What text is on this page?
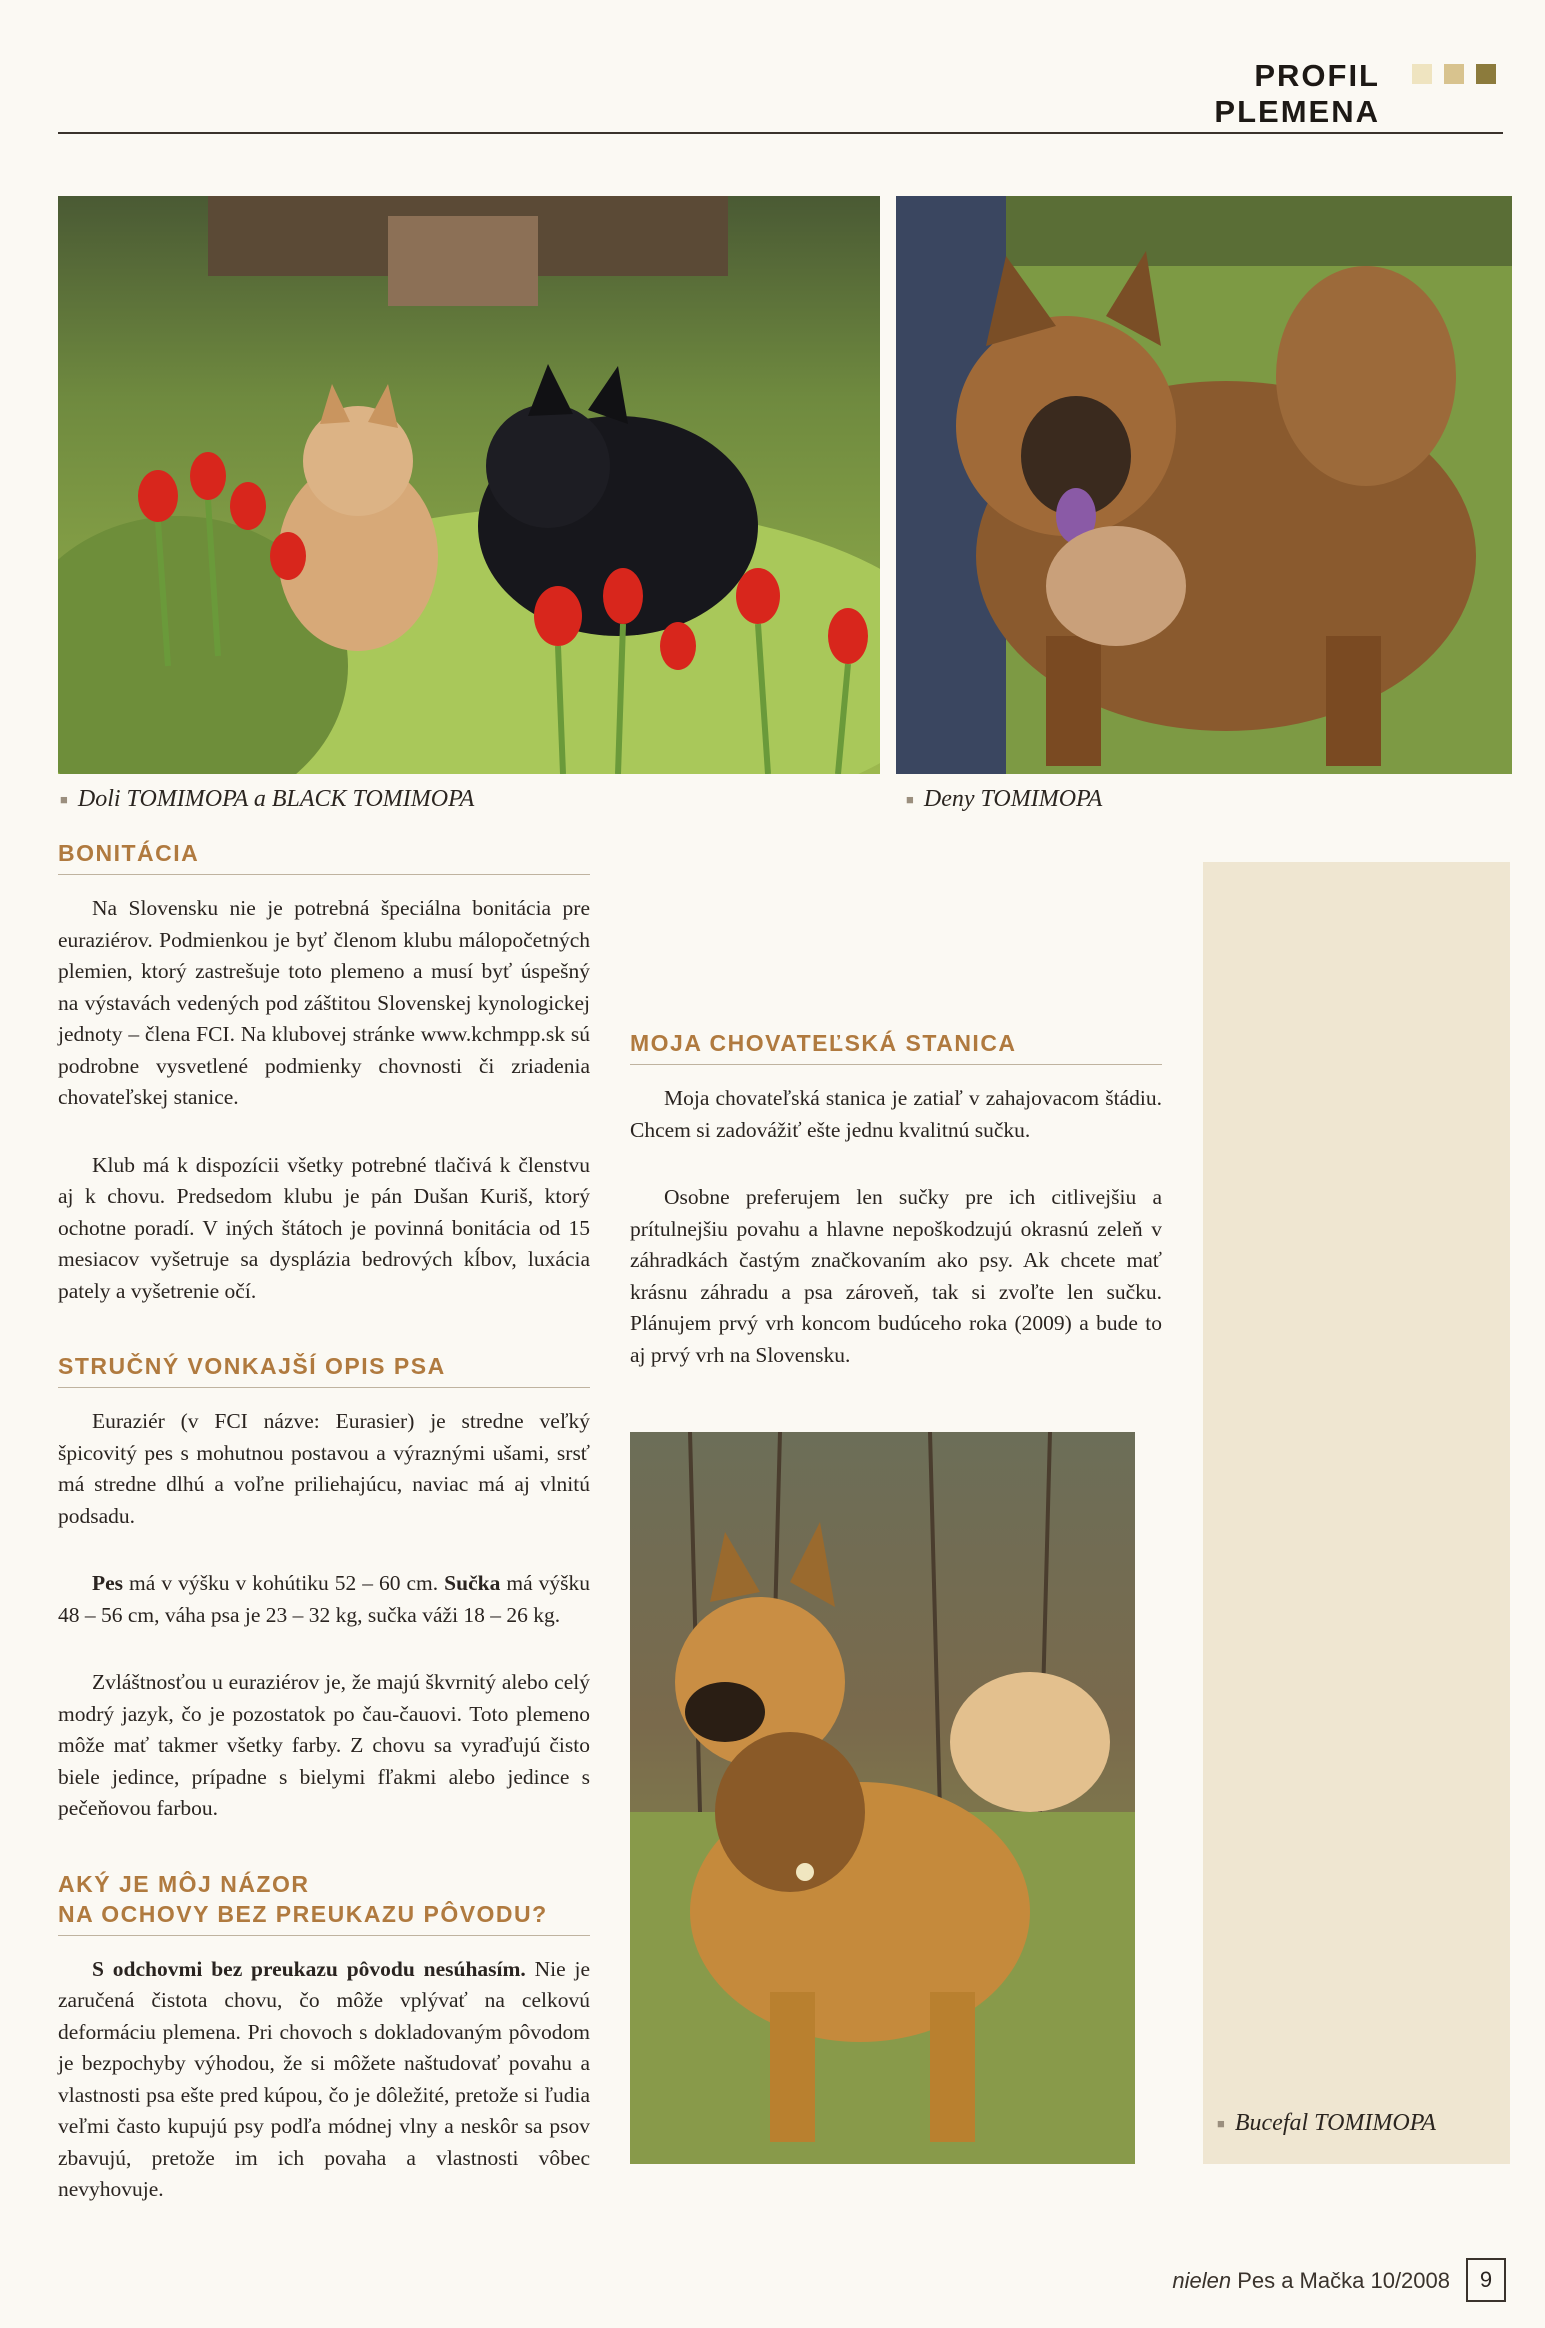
PROFIL PLEMENA
■ Doli TOMIMOPA a BLACK TOMIMOPA	■ Deny TOMIMOPA
BONITÁCIA

Na Slovensku nie je potrebná špeciálna bonitácia pre euraziérov. Podmienkou je byť členom klubu málopočetných plemien, ktorý zastrešuje toto plemeno a musí byť úspešný na výstavách vedených pod záštitou Slovenskej kynologickej jednoty – člena FCI. Na klubovej stránke www.kchmpp.sk sú podrobne vysvetlené podmienky chovnosti či zriadenia chovateľskej stanice.

Klub má k dispozícii všetky potrebné tlačivá k členstvu aj k chovu. Predsedom klubu je pán Dušan Kuriš, ktorý ochotne poradí. V iných štátoch je povinná bonitácia od 15 mesiacov vyšetruje sa dysplázia bedrových kĺbov, luxácia pately a vyšetrenie očí.

STRUČNÝ VONKAJŠÍ OPIS PSA

Euraziér (v FCI názve: Eurasier) je stredne veľký špicovitý pes s mohutnou postavou a výraznými ušami, srsť má stredne dlhú a voľne priliehajúcu, naviac má aj vlnitú podsadu.

Pes má v výšku v kohútiku 52 – 60 cm. Sučka má výšku 48 – 56 cm, váha psa je 23 – 32 kg, sučka váži 18 – 26 kg.

Zvláštnosťou u euraziérov je, že majú škvrnitý alebo celý modrý jazyk, čo je pozostatok po čau-čauovi. Toto plemeno môže mať takmer všetky farby. Z chovu sa vyraďujú čisto biele jedince, prípadne s bielymi fľakmi alebo jedince s pečeňovou farbou.

AKÝ JE MÔJ NÁZOR
NA OCHOVY BEZ PREUKAZU PÔVODU?

S odchovmi bez preukazu pôvodu nesúhasím. Nie je zaručená čistota chovu, čo môže vplývať na celkovú deformáciu plemena. Pri chovoch s dokladovaným pôvodom je bezpochyby výhodou, že si môžete naštudovať povahu a vlastnosti psa ešte pred kúpou, čo je dôležité, pretože si ľudia veľmi často kupujú psy podľa módnej vlny a neskôr sa psov zbavujú, pretože im ich povaha a vlastnosti vôbec nevyhovuje.

MOJA CHOVATEĽSKÁ STANICA

Moja chovateľská stanica je zatiaľ v zahajovacom štádiu. Chcem si zadovážiť ešte jednu kvalitnú sučku.

Osobne preferujem len sučky pre ich citlivejšiu a prítulnejšiu povahu a hlavne nepoškodzujú okrasnú zeleň v záhradkách častým značkovaním ako psy. Ak chcete mať krásnu záhradu a psa zároveň, tak si zvoľte len sučku. Plánujem prvý vrh koncom budúceho roka (2009) a bude to aj prvý vrh na Slovensku.

■ Bucefal TOMIMOPA
nielen Pes a Mačka 10/2008	9
